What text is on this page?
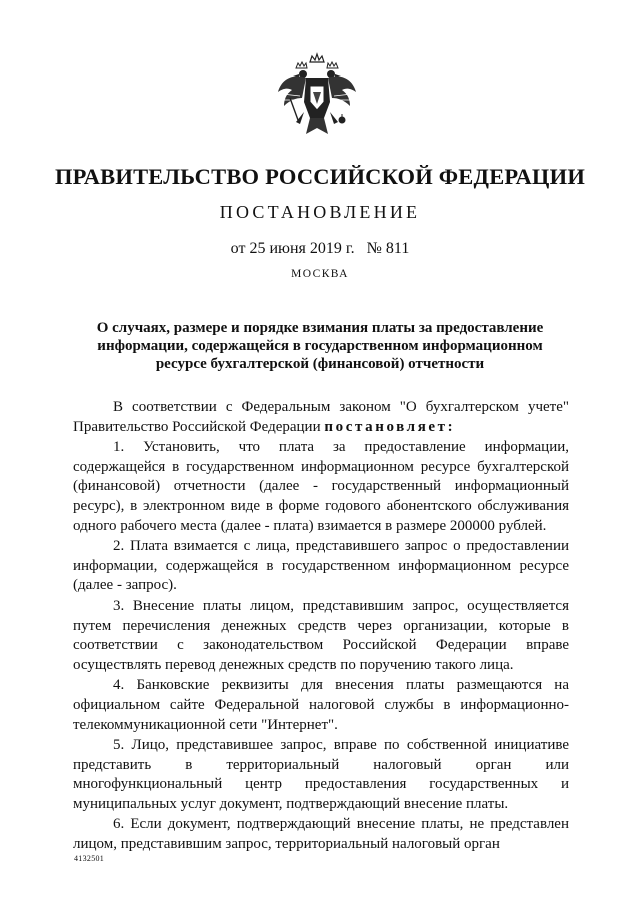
ПРАВИТЕЛЬСТВО РОССИЙСКОЙ ФЕДЕРАЦИИ
ПОСТАНОВЛЕНИЕ
от 25 июня 2019 г. № 811
МОСКВА
О случаях, размере и порядке взимания платы за предоставление информации, содержащейся в государственном информационном ресурсе бухгалтерской (финансовой) отчетности

В соответствии с Федеральным законом "О бухгалтерском учете" Правительство Российской Федерации постановляет:

1. Установить, что плата за предоставление информации, содержащейся в государственном информационном ресурсе бухгалтерской (финансовой) отчетности (далее - государственный информационный ресурс), в электронном виде в форме годового абонентского обслуживания одного рабочего места (далее - плата) взимается в размере 200000 рублей.

2. Плата взимается с лица, представившего запрос о предоставлении информации, содержащейся в государственном информационном ресурсе (далее - запрос).

3. Внесение платы лицом, представившим запрос, осуществляется путем перечисления денежных средств через организации, которые в соответствии с законодательством Российской Федерации вправе осуществлять перевод денежных средств по поручению такого лица.

4. Банковские реквизиты для внесения платы размещаются на официальном сайте Федеральной налоговой службы в информационно-телекоммуникационной сети "Интернет".

5. Лицо, представившее запрос, вправе по собственной инициативе представить в территориальный налоговый орган или многофункциональный центр предоставления государственных и муниципальных услуг документ, подтверждающий внесение платы.

6. Если документ, подтверждающий внесение платы, не представлен лицом, представившим запрос, территориальный налоговый орган

4132501
